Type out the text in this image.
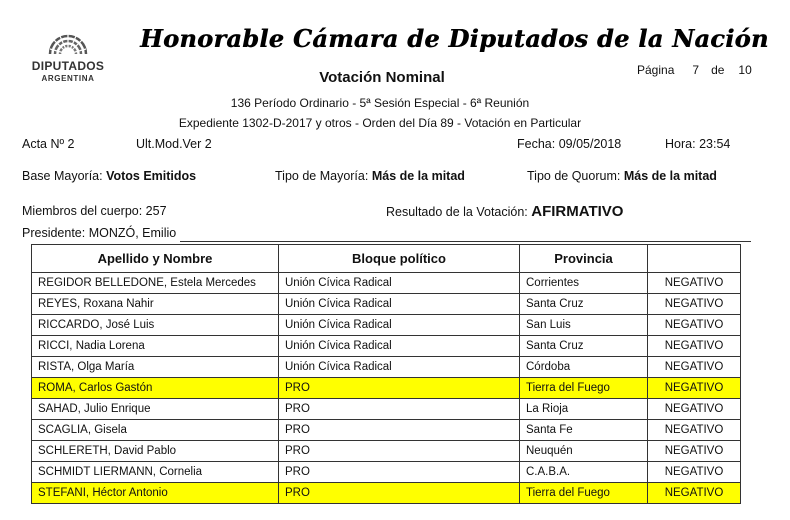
DIPUTADOS
ARGENTINA
Honorable Cámara de Diputados de la Nación
Votación Nominal	Página 7 de 10
136 Período Ordinario - 5ª Sesión Especial - 6ª Reunión
Expediente 1302-D-2017 y otros - Orden del Día 89 - Votación en Particular
Acta Nº 2	Ult.Mod.Ver 2	Fecha: 09/05/2018	Hora: 23:54
Base Mayoría: Votos Emitidos	Tipo de Mayoría: Más de la mitad	Tipo de Quorum: Más de la mitad
Miembros del cuerpo: 257	Resultado de la Votación: AFIRMATIVO
Presidente: MONZÓ, Emilio
Apellido y Nombre	Bloque político	Provincia	
REGIDOR BELLEDONE, Estela Mercedes	Unión Cívica Radical	Corrientes	NEGATIVO
REYES, Roxana Nahir	Unión Cívica Radical	Santa Cruz	NEGATIVO
RICCARDO, José Luis	Unión Cívica Radical	San Luis	NEGATIVO
RICCI, Nadia Lorena	Unión Cívica Radical	Santa Cruz	NEGATIVO
RISTA, Olga María	Unión Cívica Radical	Córdoba	NEGATIVO
ROMA, Carlos Gastón	PRO	Tierra del Fuego	NEGATIVO
SAHAD, Julio Enrique	PRO	La Rioja	NEGATIVO
SCAGLIA, Gisela	PRO	Santa Fe	NEGATIVO
SCHLERETH, David Pablo	PRO	Neuquén	NEGATIVO
SCHMIDT LIERMANN, Cornelia	PRO	C.A.B.A.	NEGATIVO
STEFANI, Héctor Antonio	PRO	Tierra del Fuego	NEGATIVO
